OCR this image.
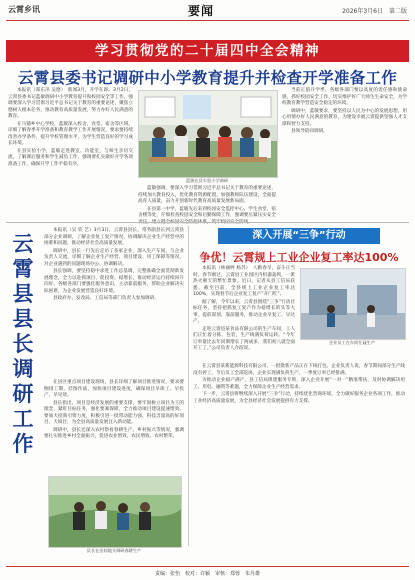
云霄乡讯	要闻	2026年3月6日　第二版
学习贯彻党的二十届四中全会精神
云霄县委书记调研中小学教育提升并检查开学准备工作

本报讯（郑东泽 吴德）　新闻3月，开学在即。3月2日，云霄县委书记蓝敏调研中小学教育提升和校园安全等工作，强调要深入学习贯彻习近平总书记关于教育的重要论述，聚焦立德树人根本任务，推动教育高质量发展，努力办好人民满意的教育。

在马铺乡中心学校，蓝敏深入校舍、食堂、宿舍等区域，详细了解春季开学准备和教育教学工作开展情况，要求要持续改善办学条件，提升学校管理水平，为学生营造良好的学习成长环境。

在县实验小学，蓝敏走进教室、功能室，与师生亲切交流，了解课后服务和学生减负工作，强调要扎实做好开学各项准备工作，确保开学工作平稳有序。

蓝敏在县实验小学调研

蓝敏强调，要深入学习贯彻习近平总书记关于教育的重要论述，持续加大教育投入，优化教育资源配置，加强教师队伍建设，全面提高育人质量，奋力开创新时代教育高质量发展新局面。

在县第一中学，蓝敏先后来到校园安全监控中心、学生食堂、宿舍楼等处，仔细检查校园安全和后勤保障工作，强调要压紧压实安全

当前正值开学季，各级各部门要以高度的责任感和使命感，抓好校园安全工作，切实维护好广大师生生命安全，为学校教育教学营造安全稳定的环境。

调研中，蓝敏要求，要坚持以人民为中心的发展思想，用心用情办好人民满意的教育，为建设幸福云霄提供坚强人才支撑和智力支持。

县领导陪同调研。

云
霄
县
县
长
调
研
工
作

本报讯（吴 钦 艺）3月3日，云霄县县长、常务副县长到云霄县部分企业调研，了解企业复工复产情况，协调解决企业生产经营中的困难和问题，推动经济社会高质量发展。

调研中，县长一行先后走访了多家企业，深入生产车间，与企业负责人交流，详细了解企业生产经营、项目建设、用工保障等情况，对企业遇到的问题现场办公、协调解决。

县长强调，要坚持稳中求进工作总基调，完整准确全面贯彻新发展理念，全力以赴抓项目、促投资、稳增长，推动经济运行持续回升向好。各级各部门要强化服务意识，主动靠前服务，帮助企业解决实际困难，为企业发展营造良好环境。

县政府办、发改局、工信局等部门负责人参加调研。

在县区重点项目建设现场，县长详细了解项目推进情况，要求要倒排工期、挂图作战，加快项目建设进度，确保项目早竣工、早投产、早见效。

县长指出，项目是经济发展的重要支撑，要牢固树立项目为王的理念，紧盯目标任务，强化要素保障，全力推动项目建设提速增效。要加大招商引资力度，积极引进一批带动能力强、科技含量高的好项目、大项目，为全县高质量发展注入新动能。

调研中，县长还深入农村察看春耕生产、乡村振兴等情况，强调要扎实推进乡村全面振兴，促进农业增效、农民增收、农村繁荣。

县长在田间地头调研春耕生产
深入开展“三争”行动
争优！云霄规上工业企业复工率达100%

本报讯（林丽婷 杨苏）　人勤春早，奋斗正当时。春节刚过，云霄县工业园区内机器轰鸣，一派热火朝天的繁忙景象。近日，记者从县工信局获悉，截至目前，全县规上工业企业复工率达100%，实现春节后企业复工复产“开门红”。

据了解，今年以来，云霄县围绕“三争”行动目标任务，坚持把抓复工复产作为稳增长的头等大事，提前谋划、靠前服务，推动企业早复工、早达产。

走进云霄县某食品有限公司的生产车间，工人们正忙着分拣、包装，生产线满负荷运转。“今年订单量比去年同期增长了两成多，我们初八就全面开工了。”公司负责人介绍说。

企业员工在车间忙碌生产

在云霄县某新能源科技有限公司，一批批新产品正在下线打包。企业负责人说，春节期间部分生产线没有停工，节后员工全部返岗，企业实现满负荷生产，一季度订单已经排满。

为推动企业稳产满产，县工信局组建服务专班，深入企业开展“一对一”精准帮扶，及时协调解决用工、用电、融资等难题，全力保障企业生产经营需求。

下一步，云霄县将继续深入开展“三争”行动，持续优化营商环境，全力做好服务企业各项工作，推动工业经济高质量发展，为全县经济社会发展提供有力支撑。

责编：张怡　校对：许颖　审核：郑蓉　朱丹雄
